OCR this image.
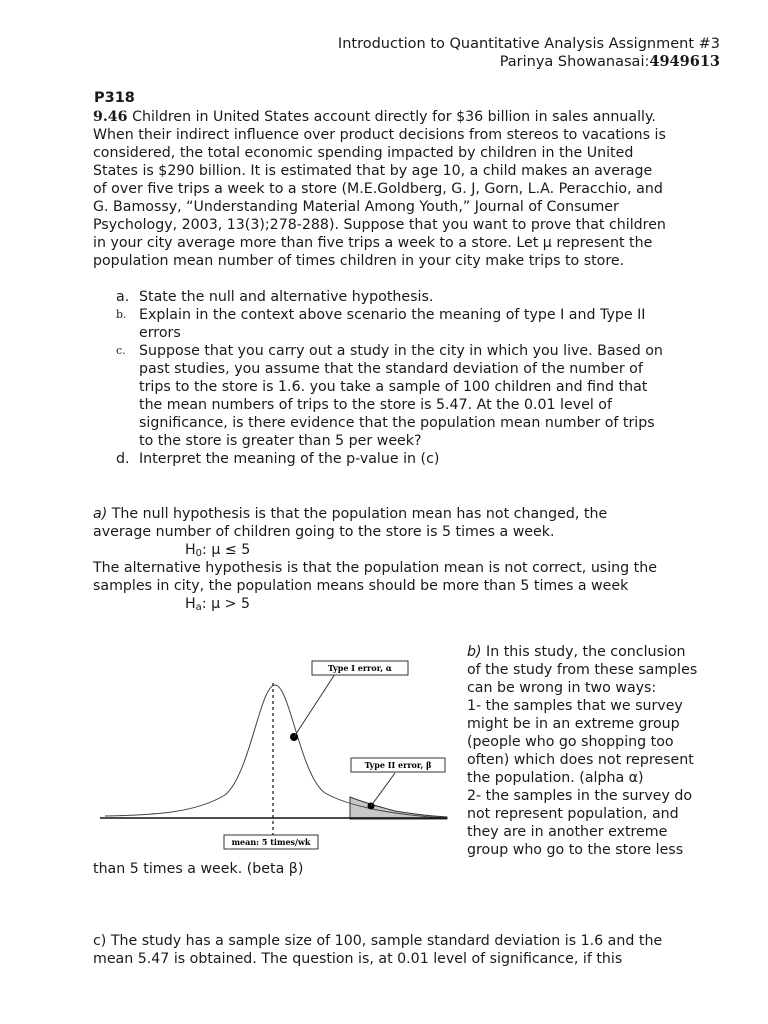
Introduction to Quantitative Analysis Assignment #3
Parinya Showanasai:4949613
P318
9.46 Children in United States account directly for $36 billion in sales annually.
When their indirect influence over product decisions from stereos to vacations is
considered, the total economic spending impacted by children in the United
States is $290 billion. It is estimated that by age 10, a child makes an average
of over five trips a week to a store (M.E.Goldberg, G. J, Gorn, L.A. Peracchio, and
G. Bamossy, “Understanding Material Among Youth,” Journal of Consumer
Psychology, 2003, 13(3);278-288). Suppose that you want to prove that children
in your city average more than five trips a week to a store. Let µ represent the
population mean number of times children in your city make trips to store.
a. State the null and alternative hypothesis.
b. Explain in the context above scenario the meaning of type I and Type II
errors
c. Suppose that you carry out a study in the city in which you live. Based on
past studies, you assume that the standard deviation of the number of
trips to the store is 1.6. you take a sample of 100 children and find that
the mean numbers of trips to the store is 5.47. At the 0.01 level of
significance, is there evidence that the population mean number of trips
to the store is greater than 5 per week?
d. Interpret the meaning of the p-value in (c)
a) The null hypothesis is that the population mean has not changed, the
average number of children going to the store is 5 times a week.
$H_0$: µ ≤ 5
The alternative hypothesis is that the population mean is not correct, using the
samples in city, the population means should be more than 5 times a week
$H_a$: µ > 5
b) In this study, the conclusion
of the study from these samples
can be wrong in two ways:
1- the samples that we survey
might be in an extreme group
(people who go shopping too
often) which does not represent
the population. (alpha α)
2- the samples in the survey do
not represent population, and
they are in another extreme
group who go to the store less
Type I error, α
Type II error, β
mean: 5 times/wk
than 5 times a week. (beta β)
c) The study has a sample size of 100, sample standard deviation is 1.6 and the
mean 5.47 is obtained. The question is, at 0.01 level of significance, if this
